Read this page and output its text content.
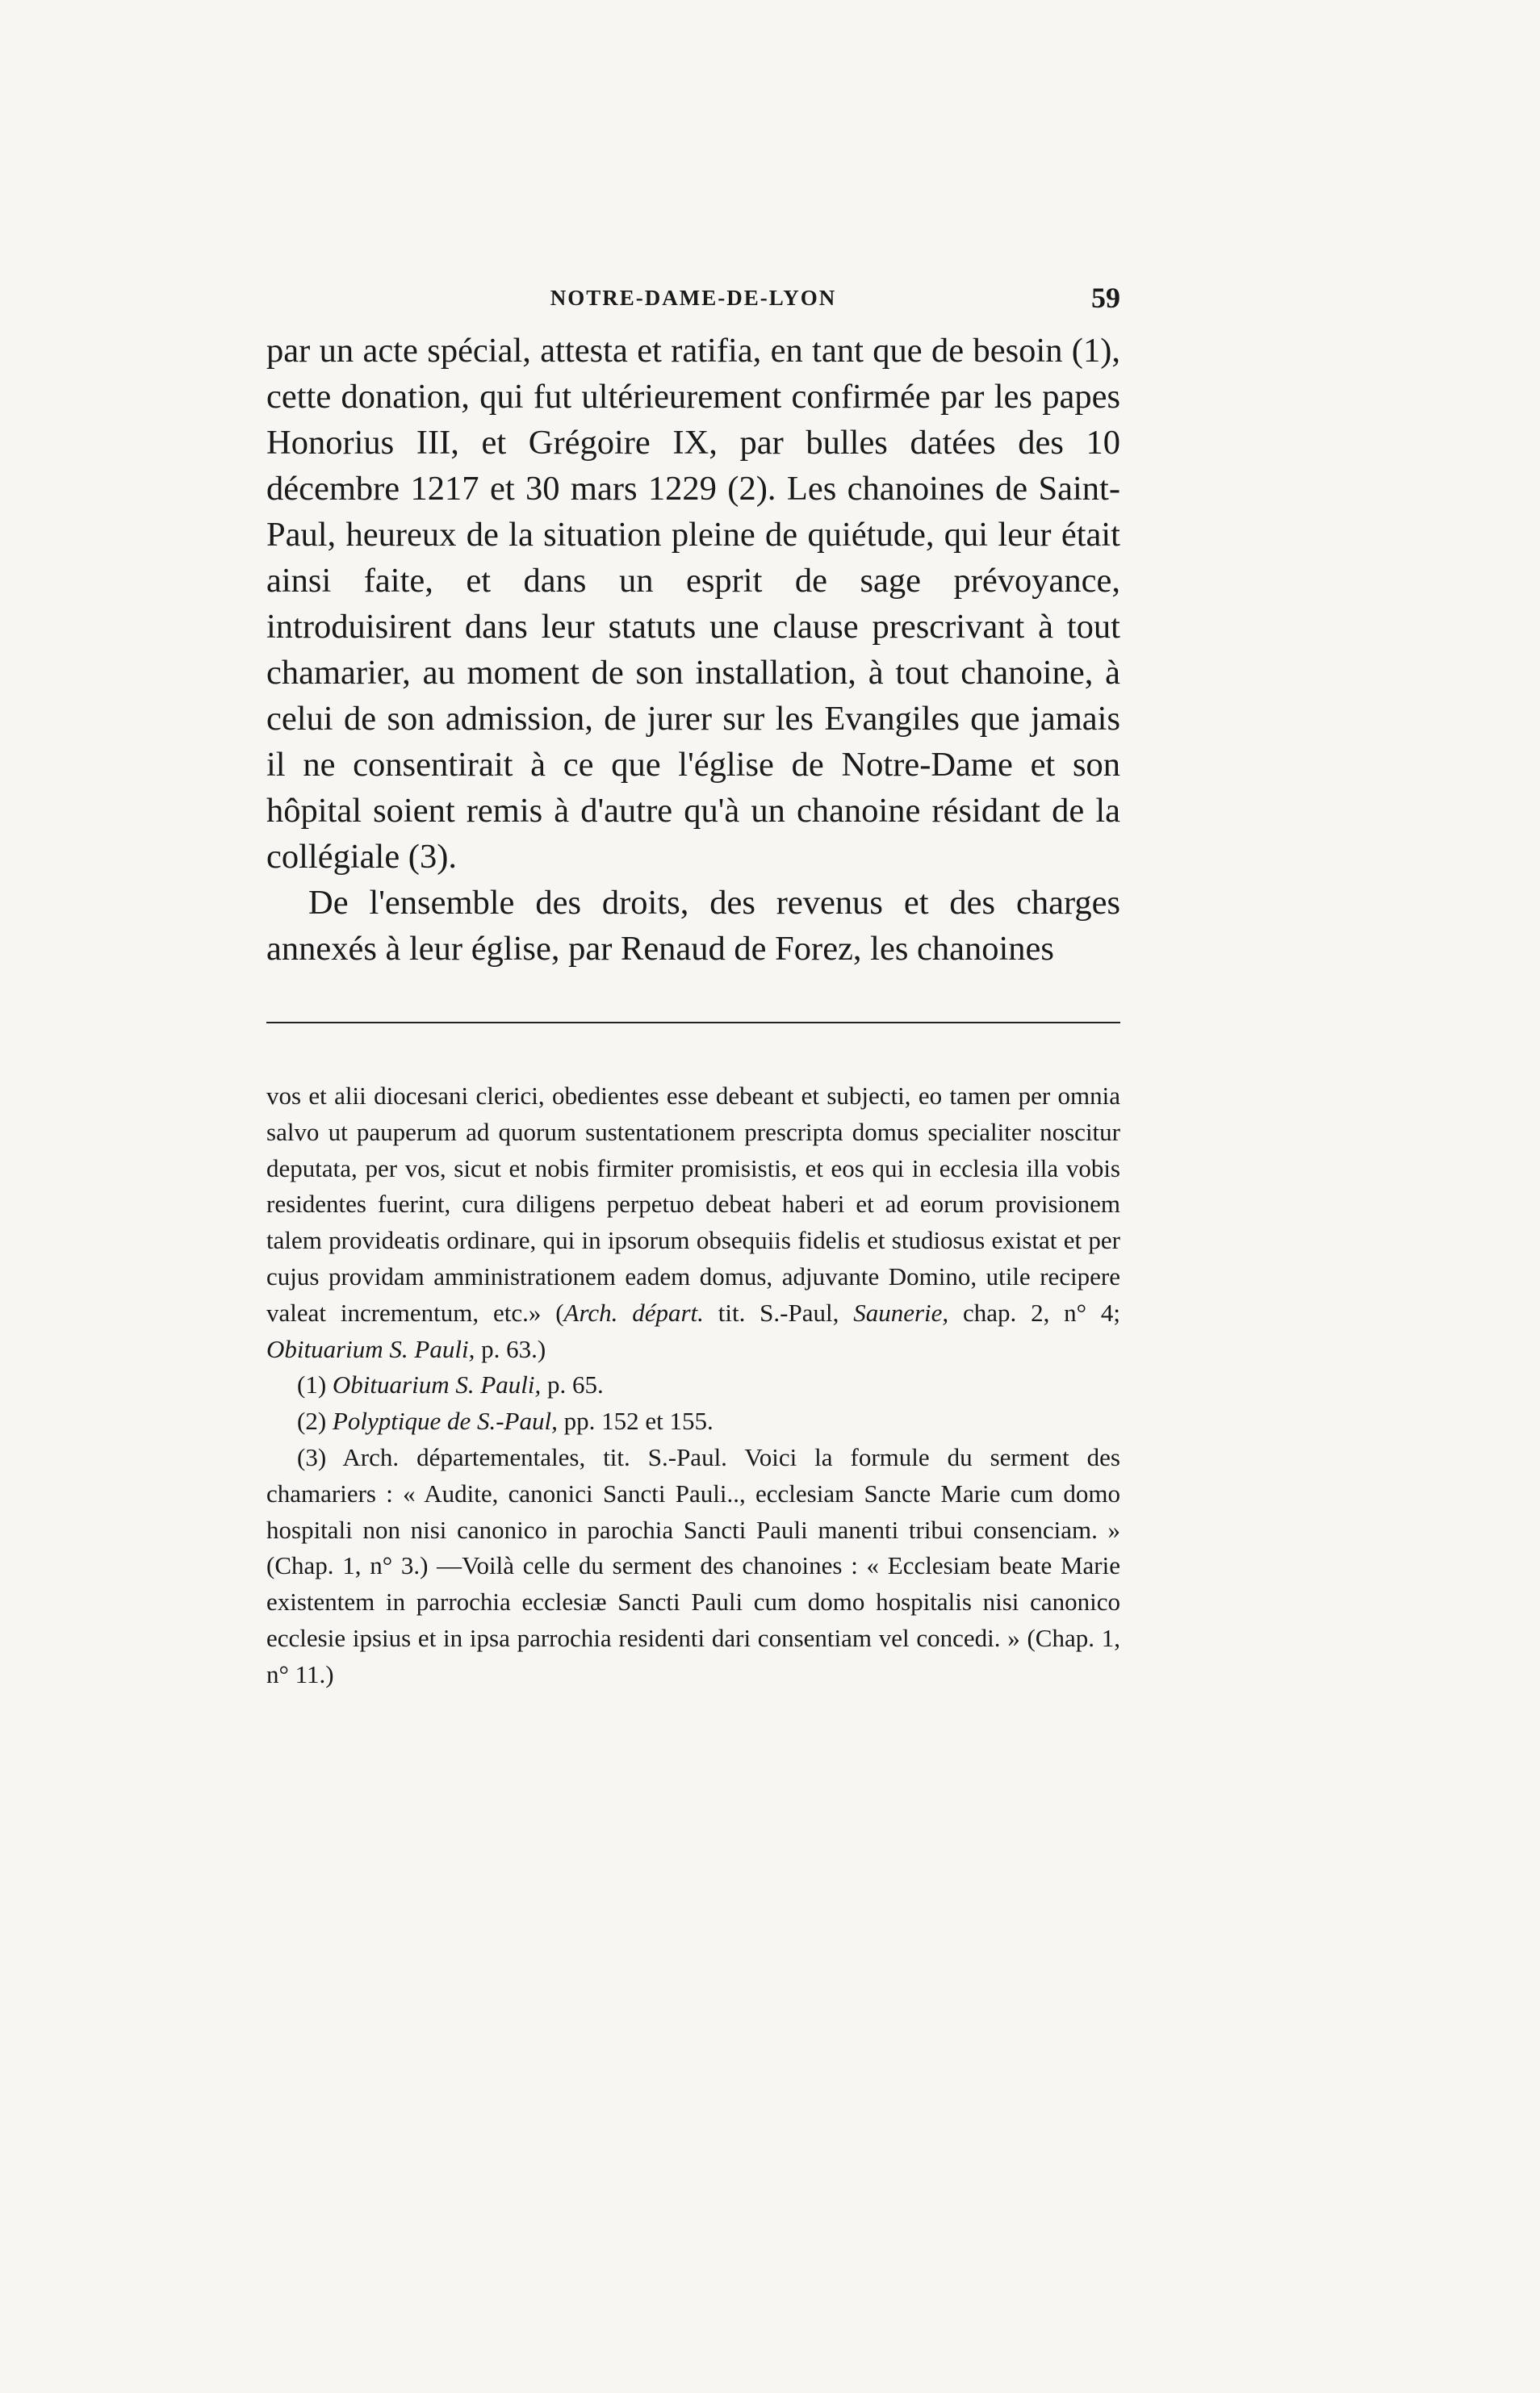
NOTRE-DAME-DE-LYON	59

par un acte spécial, attesta et ratifia, en tant que de besoin (1), cette donation, qui fut ultérieurement confirmée par les papes Honorius III, et Grégoire IX, par bulles datées des 10 décembre 1217 et 30 mars 1229 (2). Les chanoines de Saint-Paul, heureux de la situation pleine de quiétude, qui leur était ainsi faite, et dans un esprit de sage prévoyance, introduisirent dans leur statuts une clause prescrivant à tout chamarier, au moment de son installation, à tout chanoine, à celui de son admission, de jurer sur les Evangiles que jamais il ne consentirait à ce que l'église de Notre-Dame et son hôpital soient remis à d'autre qu'à un chanoine résidant de la collégiale (3).

De l'ensemble des droits, des revenus et des charges annexés à leur église, par Renaud de Forez, les chanoines

vos et alii diocesani clerici, obedientes esse debeant et subjecti, eo tamen per omnia salvo ut pauperum ad quorum sustentationem prescripta domus specialiter noscitur deputata, per vos, sicut et nobis firmiter promisistis, et eos qui in ecclesia illa vobis residentes fuerint, cura diligens perpetuo debeat haberi et ad eorum provisionem talem provideatis ordinare, qui in ipsorum obsequiis fidelis et studiosus existat et per cujus providam amministrationem eadem domus, adjuvante Domino, utile recipere valeat incrementum, etc.» (Arch. départ. tit. S.-Paul, Saunerie, chap. 2, n° 4; Obituarium S. Pauli, p. 63.)

(1) Obituarium S. Pauli, p. 65.

(2) Polyptique de S.-Paul, pp. 152 et 155.

(3) Arch. départementales, tit. S.-Paul. Voici la formule du serment des chamariers : « Audite, canonici Sancti Pauli.., ecclesiam Sancte Marie cum domo hospitali non nisi canonico in parochia Sancti Pauli manenti tribui consenciam. » (Chap. 1, n° 3.) —Voilà celle du serment des chanoines : « Ecclesiam beate Marie existentem in parrochia ecclesiæ Sancti Pauli cum domo hospitalis nisi canonico ecclesie ipsius et in ipsa parrochia residenti dari consentiam vel concedi. » (Chap. 1, n° 11.)
